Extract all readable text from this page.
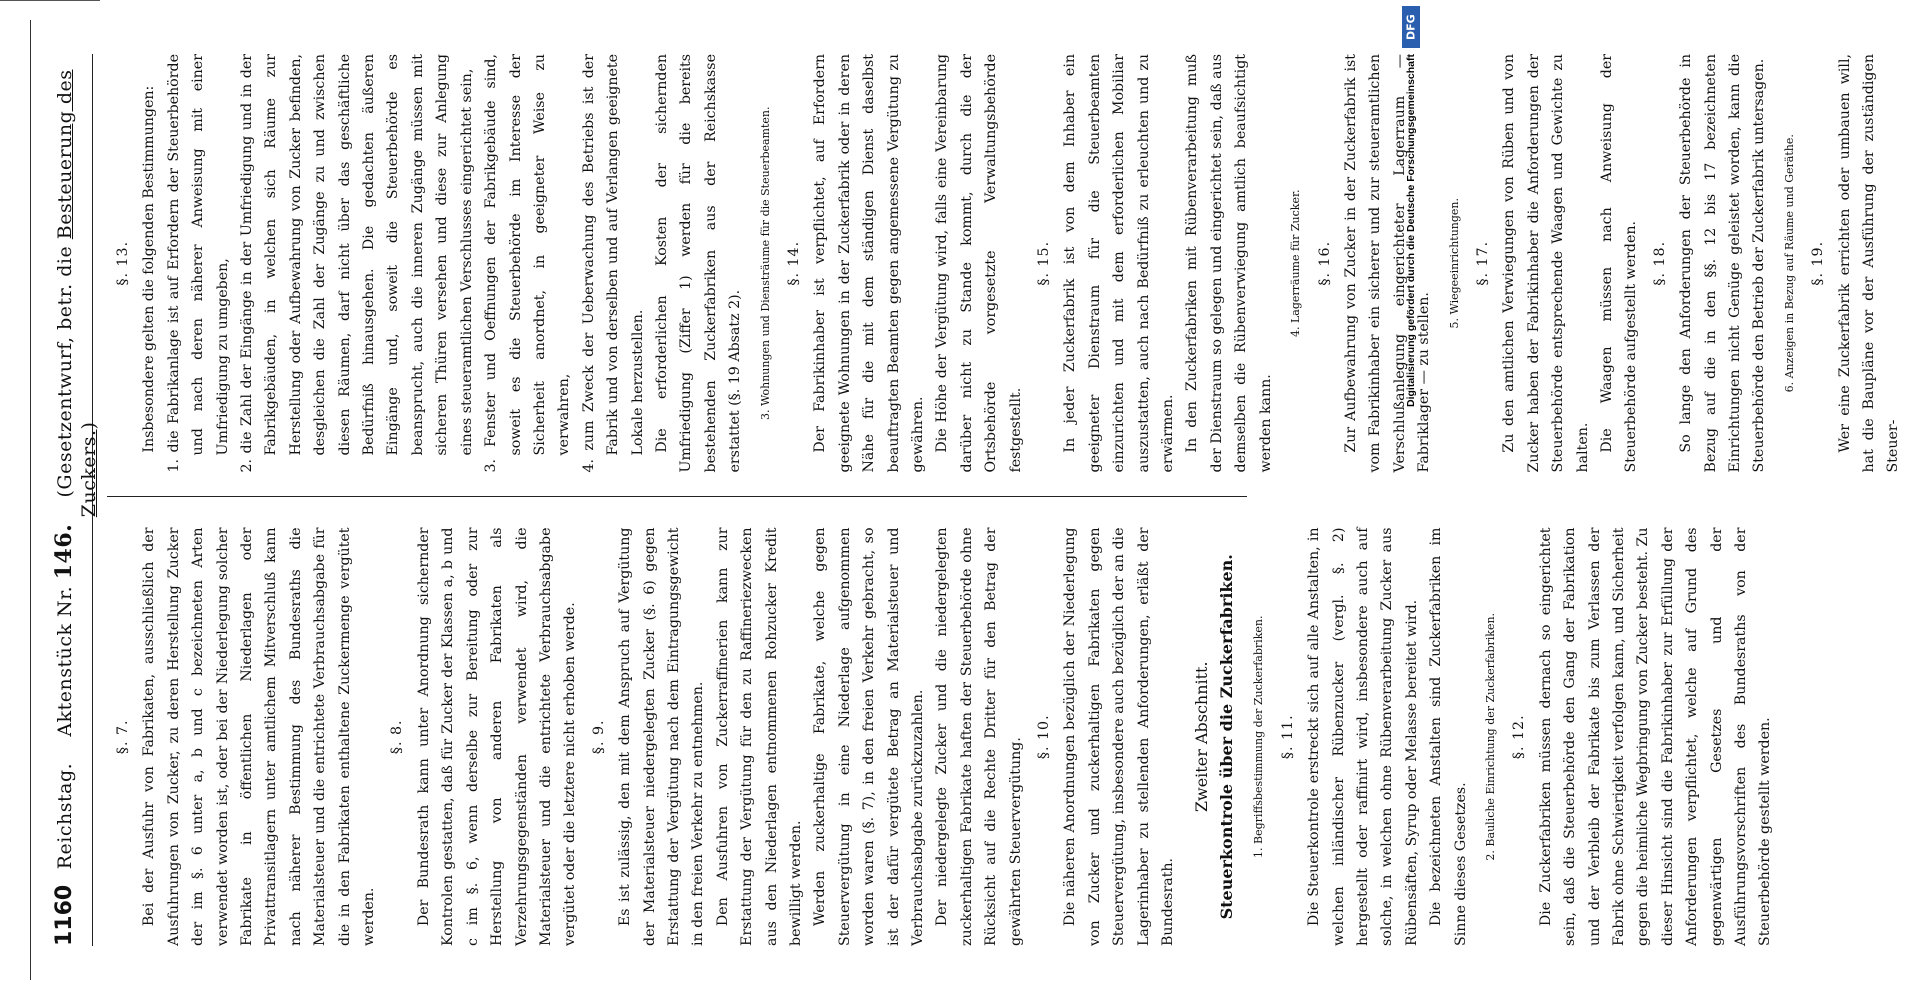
1160
Reichstag.    Aktenstück Nr. 146.    (Gesetzentwurf, betr. die Besteuerung des Zuckers.)
§. 7. Bei der Ausfuhr von Fabrikaten, ausschließlich der Ausfuhrungen von Zucker, zu deren Herstellung Zucker der im §. 6 unter a, b und c bezeichneten Arten verwendet worden ist, oder bei der Niederlegung solcher Fabrikate in öffentlichen Niederlagen oder Privattransitlagern unter amtlichem Mitverschluß kann nach näherer Bestimmung des Bundesraths die Materialsteuer und die entrichtete Verbrauchsabgabe für die in den Fabrikaten enthaltene Zuckermenge vergütet werden.

§. 8. Der Bundesrath kann unter Anordnung sichernder Kontrolen gestatten, daß für Zucker der Klassen a, b und c im §. 6, wenn derselbe zur Bereitung oder zur Herstellung von anderen Fabrikaten als Verzehrungsgegenständen verwendet wird, die Materialsteuer und die entrichtete Verbrauchsabgabe vergütet oder die letztere nicht erhoben werde. §. 9. Es ist zulässig, den mit dem Anspruch auf Vergütung der Materialsteuer niedergelegten Zucker (§. 6) gegen Erstattung der Vergütung nach dem Eintragungsgewicht in den freien Verkehr zu entnehmen. Den Ausfuhren von Zuckerraffinerien kann zur Erstattung der Vergütung für den zu Raffineriezwecken aus den Niederlagen entnommenen Rohzucker Kredit bewilligt werden. Werden zuckerhaltige Fabrikate, welche gegen Steuervergütung in eine Niederlage aufgenommen worden waren (§. 7), in den freien Verkehr gebracht, so ist der dafür vergütete Betrag an Materialsteuer und Verbrauchsabgabe zurückzuzahlen. Der niedergelegte Zucker und die niedergelegten zuckerhaltigen Fabrikate haften der Steuerbehörde ohne Rücksicht auf die Rechte Dritter für den Betrag der gewährten Steuervergütung.

§. 10. Die näheren Anordnungen bezüglich der Niederlegung von Zucker und zuckerhaltigen Fabrikaten gegen Steuervergütung, insbesondere auch bezüglich der an die Lagerinhaber zu stellenden Anforderungen, erläßt der Bundesrath.

Zweiter Abschnitt. Steuerkontrole über die Zuckerfabriken.	1. Begriffsbestimmung der Zuckerfabriken.	§. 11. Die Steuerkontrole erstreckt sich auf alle Anstalten, in welchen inländischer Rübenzucker (vergl. §. 2) hergestellt oder raffinirt wird, insbesondere auch auf solche, in welchen ohne Rübenverarbeitung Zucker aus Rübensäften, Syrup oder Melasse bereitet wird. Die bezeichneten Anstalten sind Zuckerfabriken im Sinne dieses Gesetzes.

2. Bauliche Einrichtung der Zuckerfabriken.	§. 12. Die Zuckerfabriken müssen dernach so eingerichtet sein, daß die Steuerbehörde den Gang der Fabrikation und der Verbleib der Fabrikate bis zum Verlassen der Fabrik ohne Schwierigkeit verfolgen kann, und Sicherheit gegen die heimliche Wegbringung von Zucker besteht. Zu dieser Hinsicht sind die Fabrikinhaber zur Erfüllung der Anforderungen verpflichtet, welche auf Grund des gegenwärtigen Gesetzes und der Ausführungsvorschriften des Bundesraths von der Steuerbehörde gestellt werden.

§. 13. Insbesondere gelten die folgenden Bestimmungen: 1. die Fabrikanlage ist auf Erfordern der Steuerbehörde und nach deren näherer Anweisung mit einer Umfriedigung zu umgeben, 2. die Zahl der Eingänge in der Umfriedigung und in der Fabrikgebäuden, in welchen sich Räume zur Herstellung oder Aufbewahrung von Zucker befinden, desgleichen die Zahl der Zugänge zu und zwischen diesen Räumen, darf nicht über das geschäftliche Bedürfniß hinausgehen. Die gedachten äußeren Eingänge und, soweit die Steuerbehörde es beansprucht, auch die inneren Zugänge müssen mit sicheren Thüren versehen und diese zur Anlegung eines steueramtlichen Verschlusses eingerichtet sein, 3. Fenster und Oeffnungen der Fabrikgebäude sind, soweit es die Steuerbehörde im Interesse der Sicherheit anordnet, in geeigneter Weise zu verwahren, 4. zum Zweck der Ueberwachung des Betriebs ist der Fabrik und von derselben und auf Verlangen geeignete Lokale herzustellen. Die erforderlichen Kosten der sichernden Umfriedigung (Ziffer 1) werden für die bereits bestehenden Zuckerfabriken aus der Reichskasse erstattet (§. 19 Absatz 2).	3. Wohnungen und Diensträume für die Steuerbeamten.	§. 14. Der Fabrikinhaber ist verpflichtet, auf Erfordern geeignete Wohnungen in der Zuckerfabrik oder in deren Nähe für die mit dem ständigen Dienst daselbst beauftragten Beamten gegen angemessene Vergütung zu gewähren. Die Höhe der Vergütung wird, falls eine Vereinbarung darüber nicht zu Stande kommt, durch die der Ortsbehörde vorgesetzte Verwaltungsbehörde festgestellt.

§. 15. In jeder Zuckerfabrik ist von dem Inhaber ein geeigneter Dienstraum für die Steuerbeamten einzurichten und mit dem erforderlichen Mobiliar auszustatten, auch nach Bedürfniß zu erleuchten und zu erwärmen. In den Zuckerfabriken mit Rübenverarbeitung muß der Dienstraum so gelegen und eingerichtet sein, daß aus demselben die Rübenverwiegung amtlich beaufsichtigt werden kann.

4. Lagerräume für Zucker.	§. 16. Zur Aufbewahrung von Zucker in der Zuckerfabrik ist vom Fabrikinhaber ein sicherer und zur steueramtlichen Verschlußanlegung eingerichteter Lagerraum — Fabriklager — zu stellen.

5. Wiegeeinrichtungen.	§. 17. Zu den amtlichen Verwiegungen von Rüben und von Zucker haben der Fabrikinhaber die Anforderungen der Steuerbehörde entsprechende Waagen und Gewichte zu halten. Die Waagen müssen nach Anweisung der Steuerbehörde aufgestellt werden. §. 18. So lange den Anforderungen der Steuerbehörde in Bezug auf die in den §§. 12 bis 17 bezeichneten Einrichtungen nicht Genüge geleistet worden, kann die Steuerbehörde den Betrieb der Zuckerfabrik untersagen.	6. Anzeigen in Bezug auf Räume und Geräthe.	§. 19. Wer eine Zuckerfabrik errichten oder umbauen will, hat die Baupläne vor der Ausführung der zuständigen Steuer-

DFG
Digitalisierung gefördert durch die Deutsche Forschungsgemeinschaft
